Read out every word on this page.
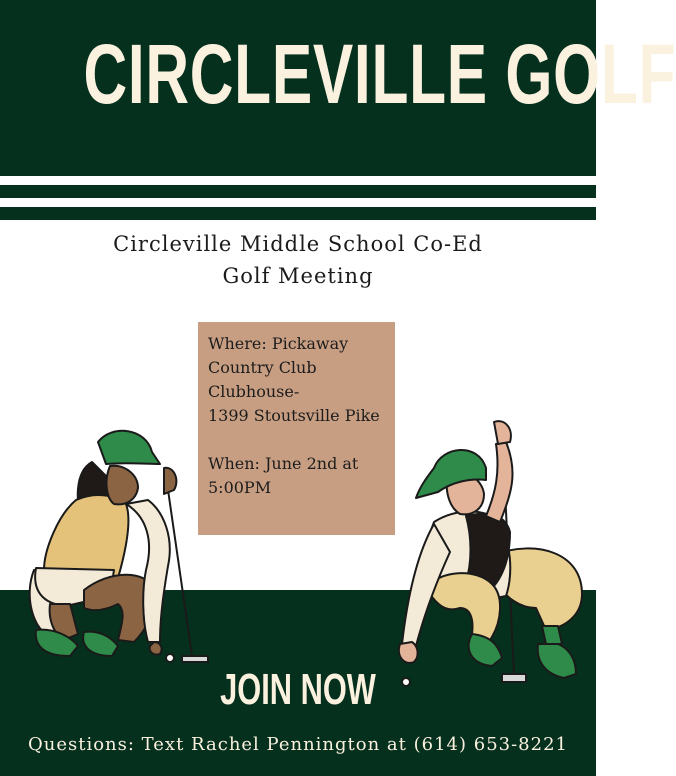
CIRCLEVILLE GOLF
Circleville Middle School Co-Ed Golf Meeting
Where: Pickaway Country Club Clubhouse-
1399 Stoutsville Pike

When: June 2nd at 5:00PM
JOIN NOW
Questions: Text Rachel Pennington at (614) 653-8221
